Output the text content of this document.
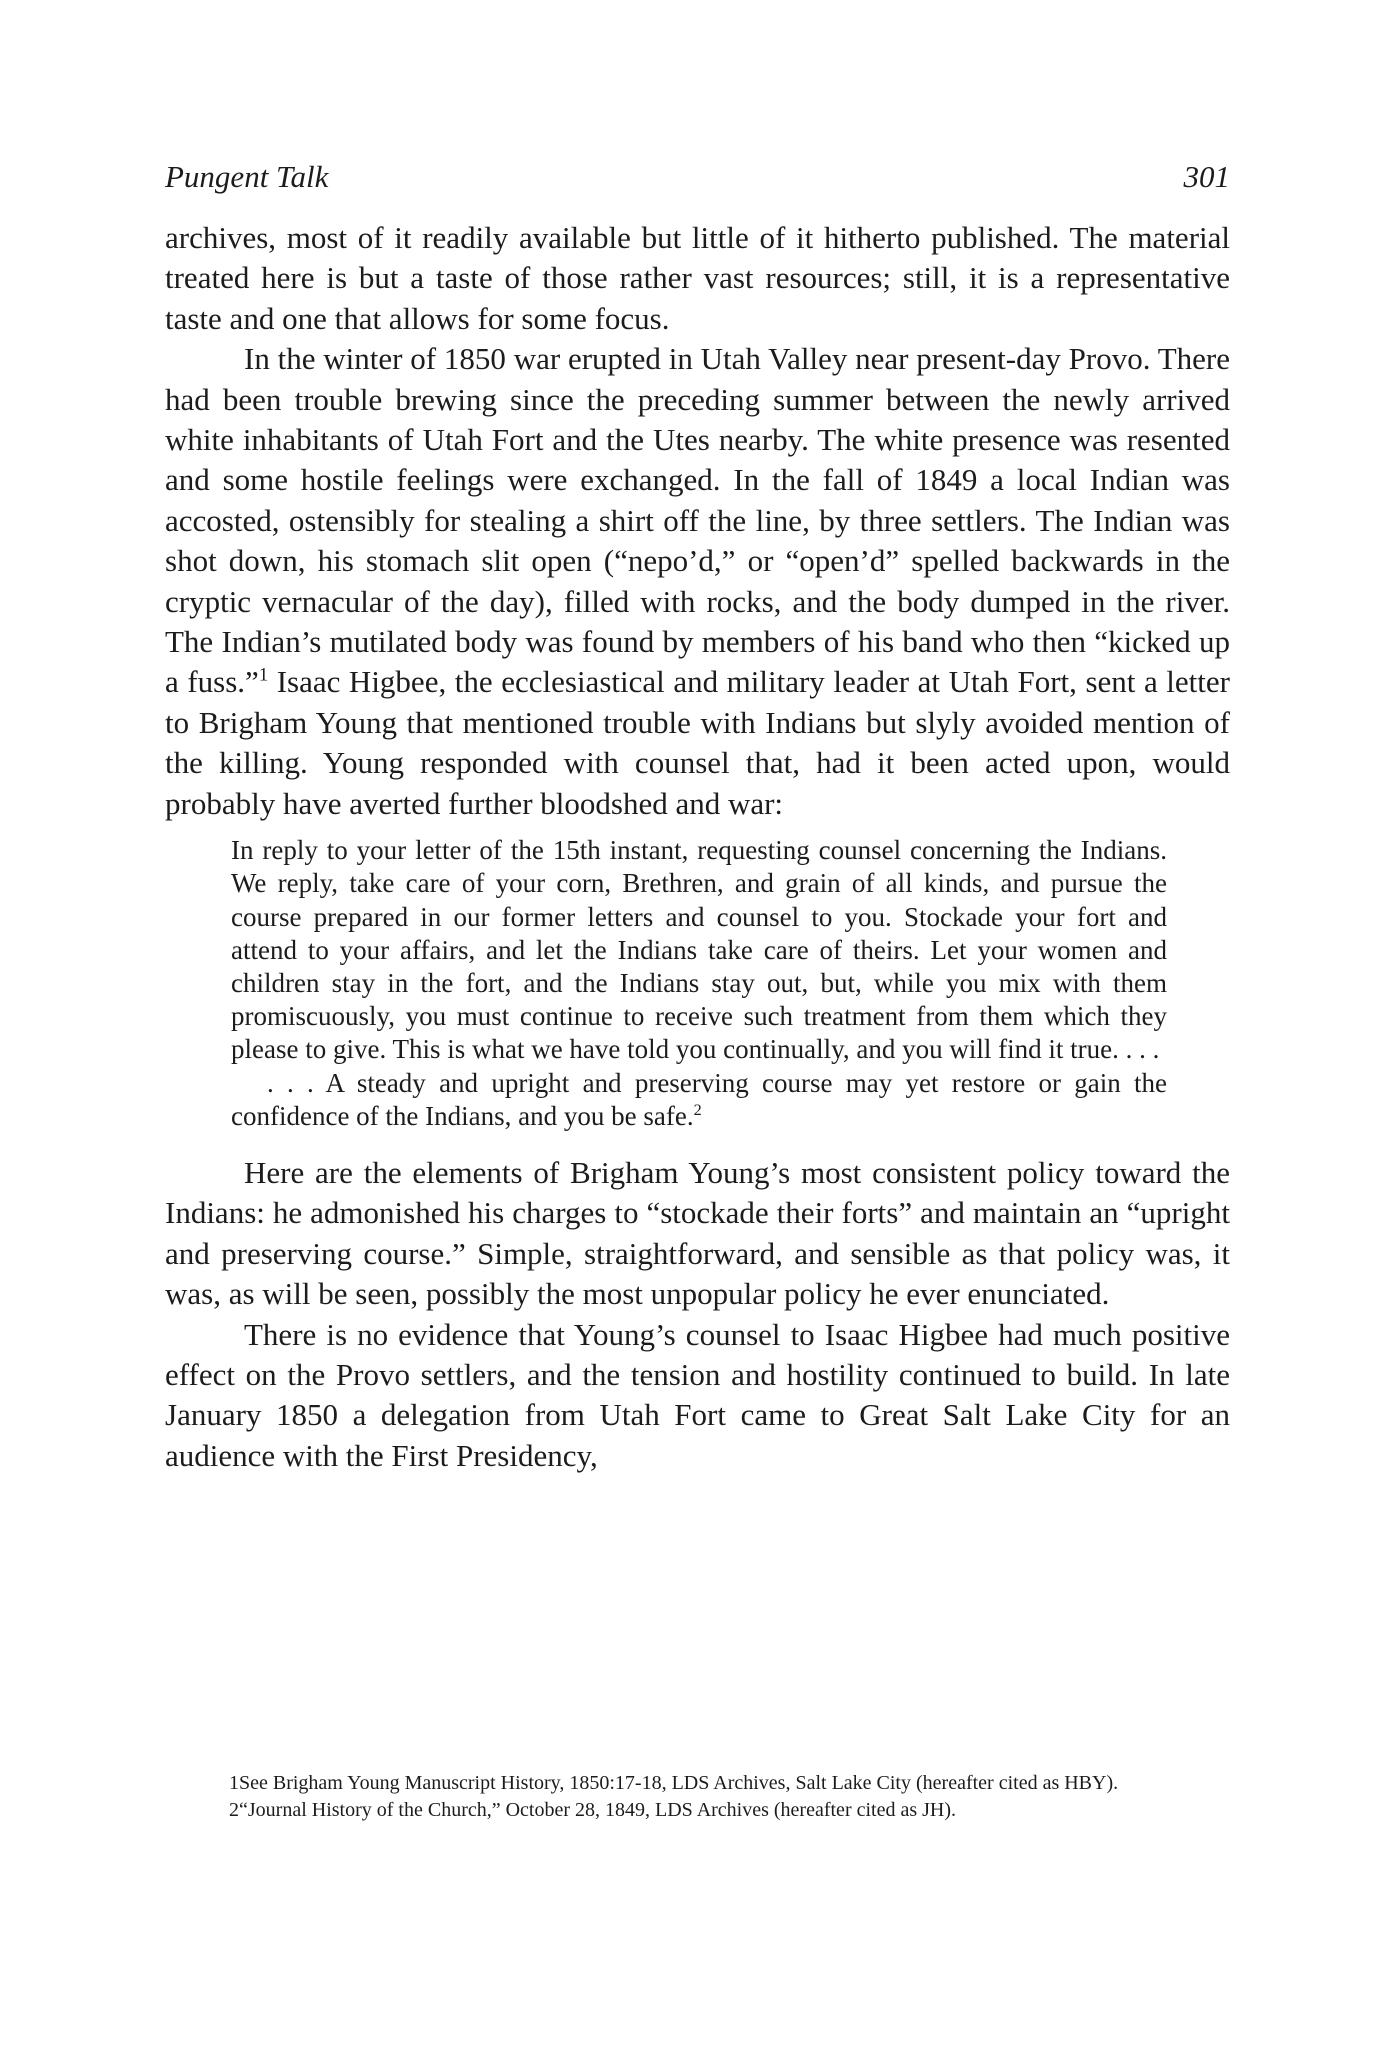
Pungent Talk	301

archives, most of it readily available but little of it hitherto published. The material treated here is but a taste of those rather vast resources; still, it is a representative taste and one that allows for some focus.

In the winter of 1850 war erupted in Utah Valley near present-day Provo. There had been trouble brewing since the preceding summer between the newly arrived white inhabitants of Utah Fort and the Utes nearby. The white presence was resented and some hostile feelings were exchanged. In the fall of 1849 a local Indian was accosted, ostensibly for stealing a shirt off the line, by three settlers. The Indian was shot down, his stomach slit open (“nepo’d,” or “open’d” spelled backwards in the cryptic vernacular of the day), filled with rocks, and the body dumped in the river. The Indian’s mutilated body was found by members of his band who then “kicked up a fuss.”$^1$ Isaac Higbee, the ecclesiastical and military leader at Utah Fort, sent a letter to Brigham Young that mentioned trouble with Indians but slyly avoided mention of the killing. Young responded with counsel that, had it been acted upon, would probably have averted further bloodshed and war:

In reply to your letter of the 15th instant, requesting counsel concerning the Indians. We reply, take care of your corn, Brethren, and grain of all kinds, and pursue the course prepared in our former letters and counsel to you. Stockade your fort and attend to your affairs, and let the Indians take care of theirs. Let your women and children stay in the fort, and the Indians stay out, but, while you mix with them promiscuously, you must continue to receive such treatment from them which they please to give. This is what we have told you continually, and you will find it true. . . .

. . . A steady and upright and preserving course may yet restore or gain the confidence of the Indians, and you be safe.$^2$

Here are the elements of Brigham Young’s most consistent policy toward the Indians: he admonished his charges to “stockade their forts” and maintain an “upright and preserving course.” Simple, straightforward, and sensible as that policy was, it was, as will be seen, possibly the most unpopular policy he ever enunciated.

There is no evidence that Young’s counsel to Isaac Higbee had much positive effect on the Provo settlers, and the tension and hostility continued to build. In late January 1850 a delegation from Utah Fort came to Great Salt Lake City for an audience with the First Presidency,

1See Brigham Young Manuscript History, 1850:17-18, LDS Archives, Salt Lake City (hereafter cited as HBY).

2“Journal History of the Church,” October 28, 1849, LDS Archives (hereafter cited as JH).
